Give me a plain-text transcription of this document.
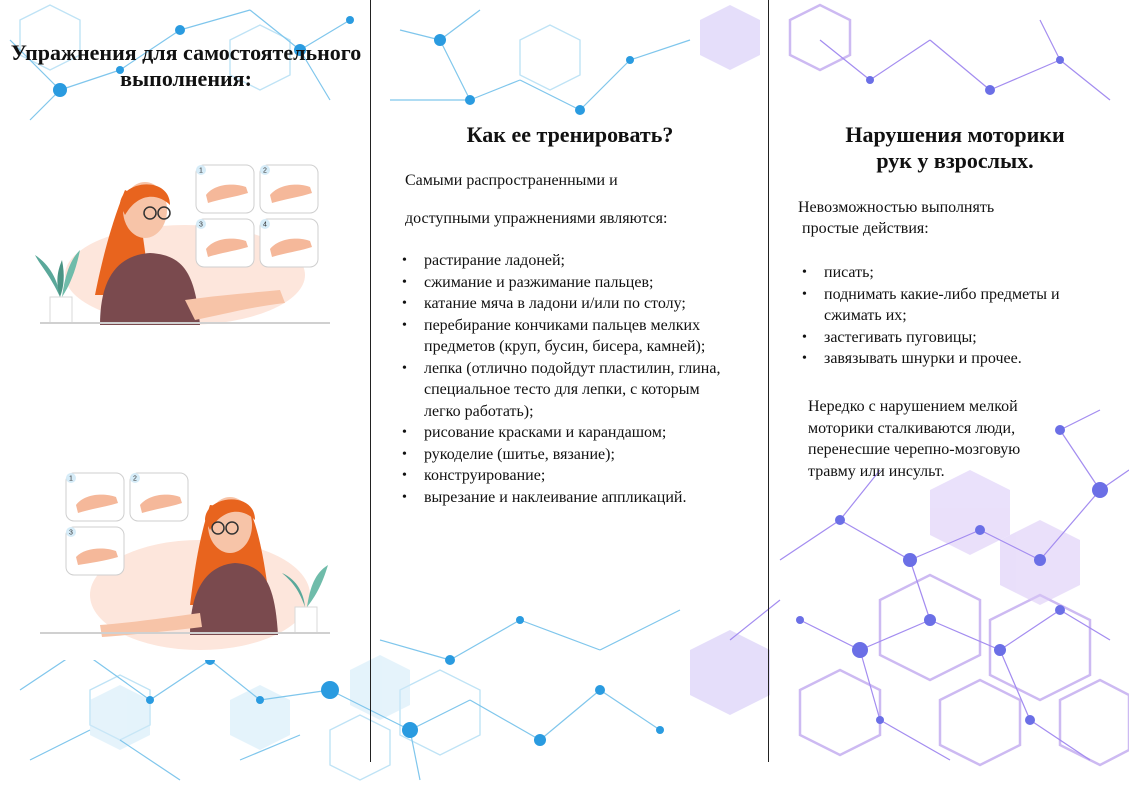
Упражнения для самостоятельного выполнения:
1	2
3	4
1	2
3
Как ее тренировать?

Самыми распространенными и

доступными упражнениями являются:

• растирание ладоней;
• сжимание и разжимание пальцев;
• катание мяча в ладони и/или по столу;
• перебирание кончиками пальцев мелких предметов (круп, бусин, бисера, камней);
• лепка (отлично подойдут пластилин, глина, специальное тесто для лепки, с которым легко работать);
• рисование красками и карандашом;
• рукоделие (шитье, вязание);
• конструирование;
• вырезание и наклеивание аппликаций.
Нарушения моторики
рук у взрослых.

Невозможностью выполнять

простые действия:

• писать;
• поднимать какие-либо предметы и сжимать их;
• застегивать пуговицы;
• завязывать шнурки и прочее.

Нередко с нарушением мелкой моторики сталкиваются люди, перенесшие черепно-мозговую травму или инсульт.
